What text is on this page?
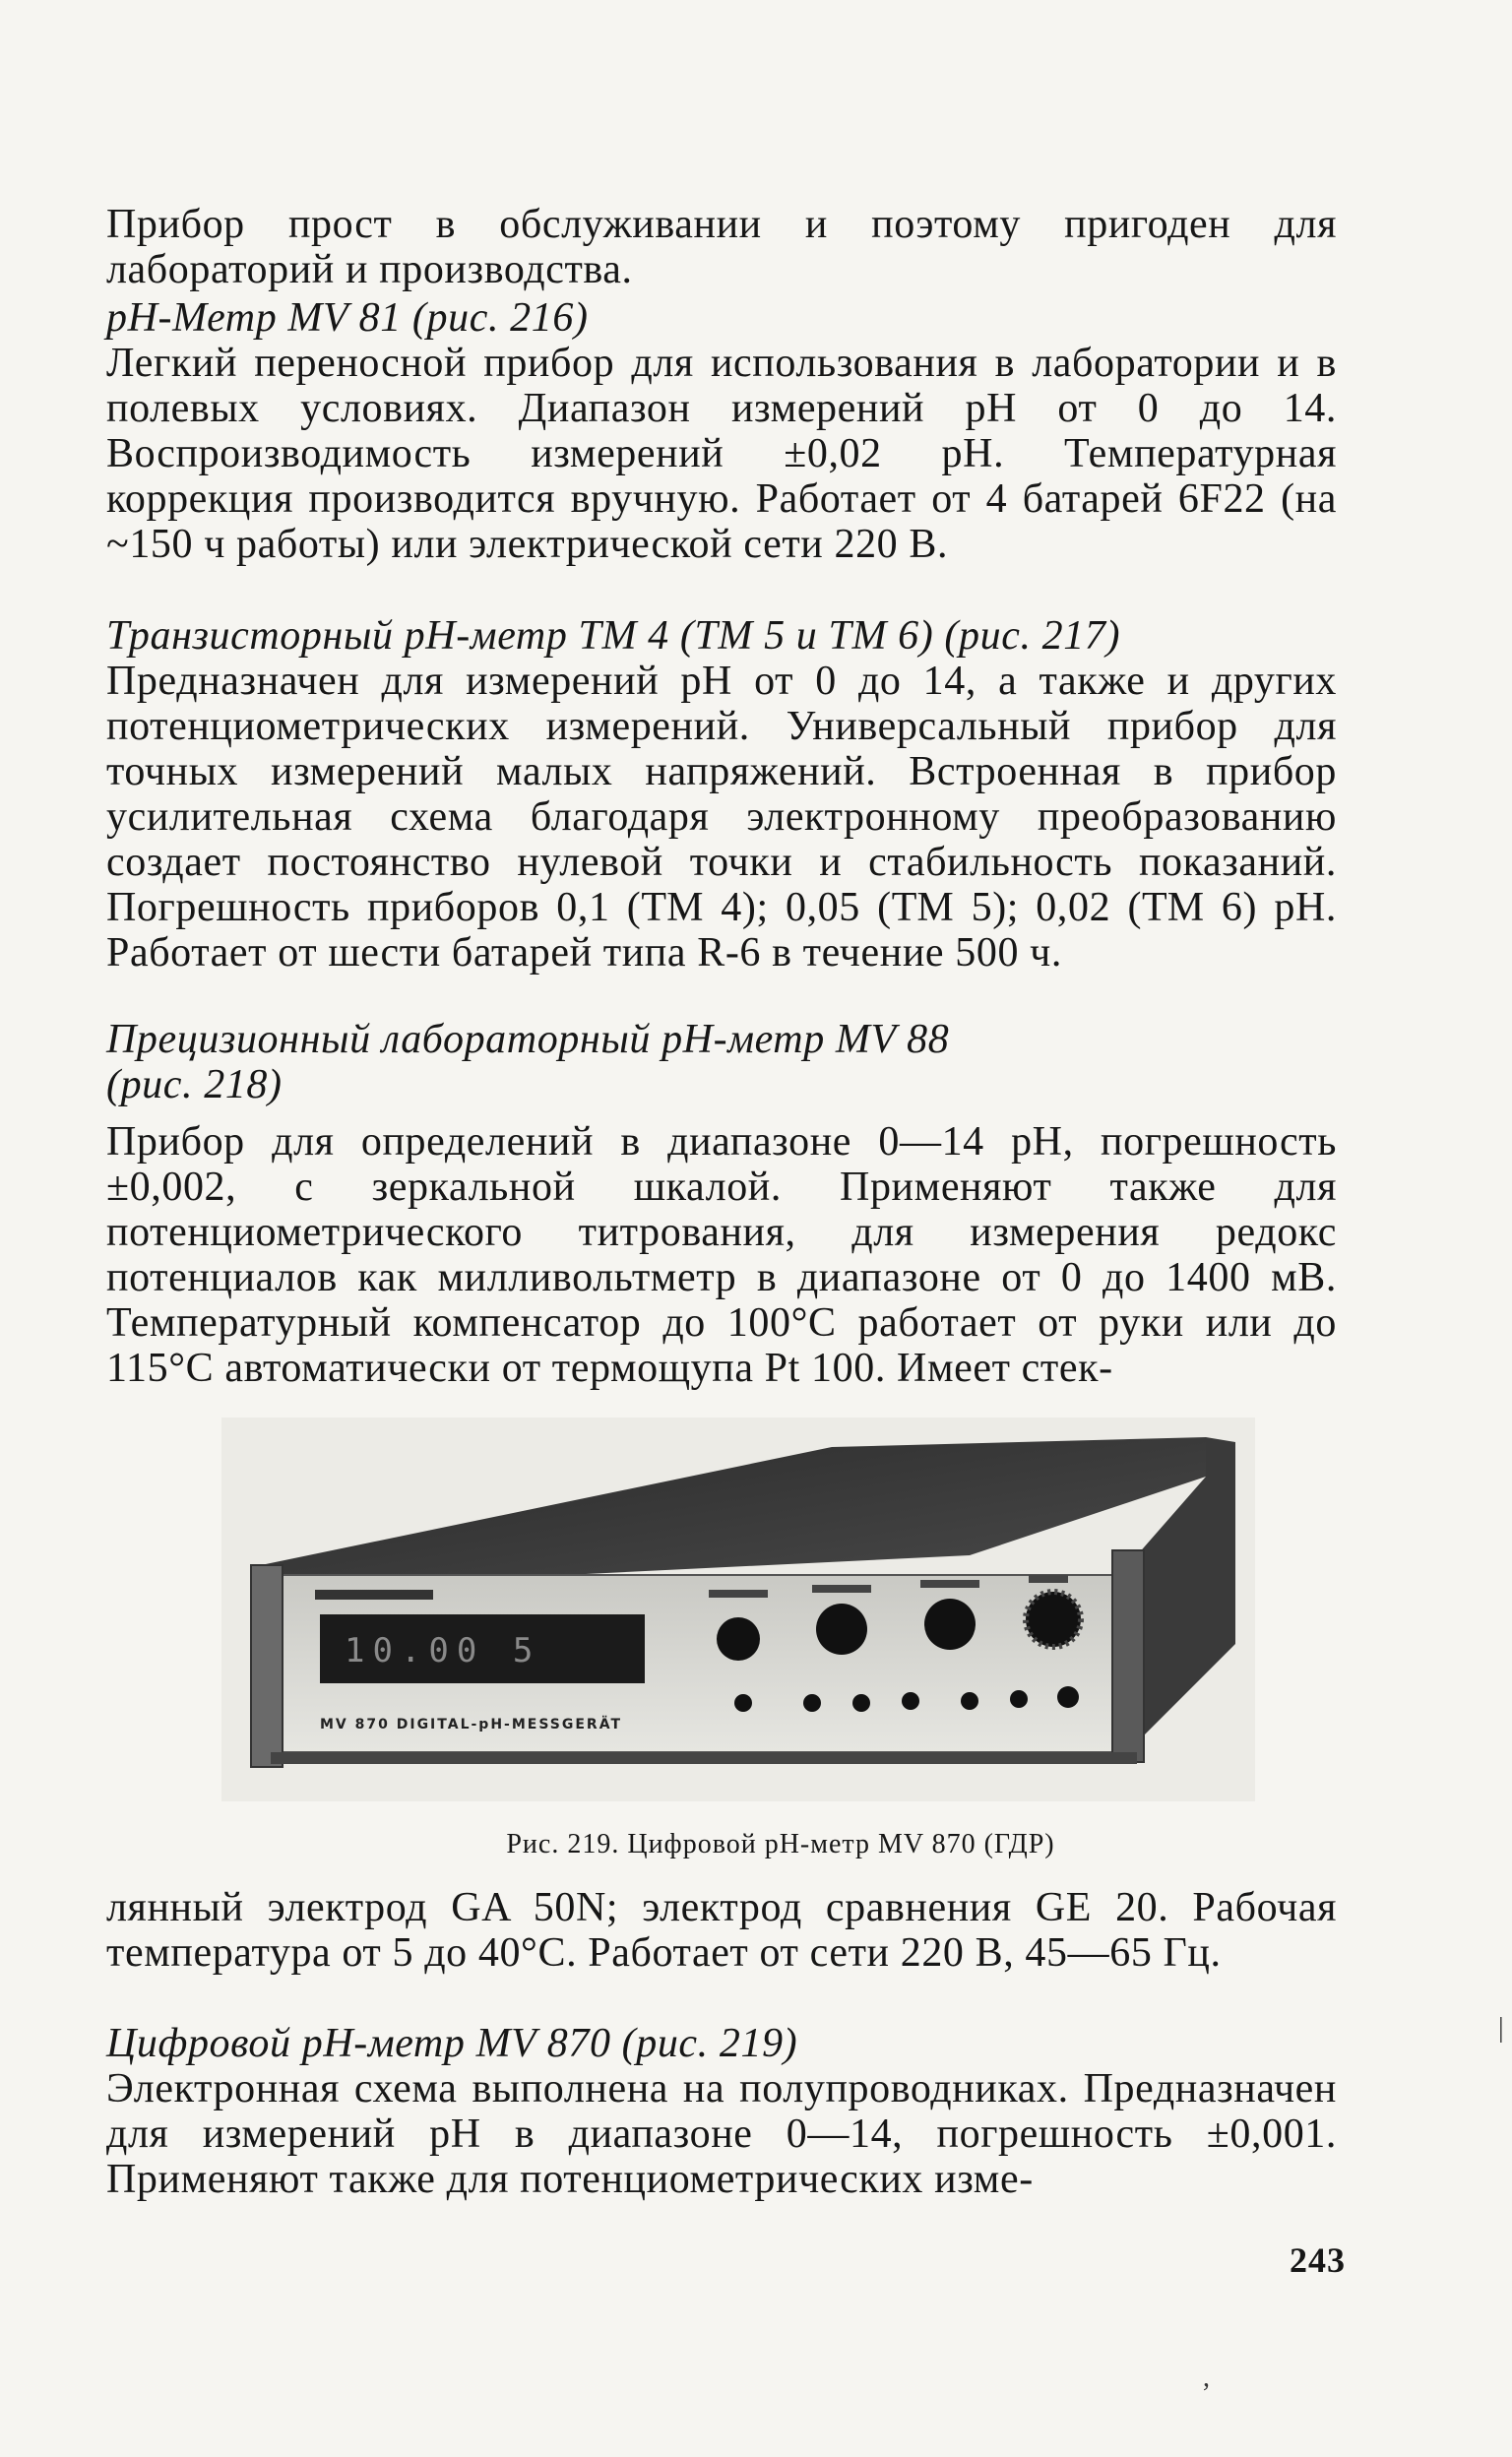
Прибор прост в обслуживании и поэтому пригоден для лабораторий и производства.

pH-Метр MV 81 (рис. 216)

Легкий переносной прибор для использования в лаборатории и в полевых условиях. Диапазон измерений pH от 0 до 14. Воспроизводимость измерений ±0,02 pH. Температурная коррекция производится вручную. Работает от 4 батарей 6F22 (на ~150 ч работы) или электрической сети 220 В.

Транзисторный pH-метр ТМ 4 (ТМ 5 и ТМ 6) (рис. 217)

Предназначен для измерений pH от 0 до 14, а также и других потенциометрических измерений. Универсальный прибор для точных измерений малых напряжений. Встроенная в прибор усилительная схема благодаря электронному преобразованию создает постоянство нулевой точки и стабильность показаний. Погрешность приборов 0,1 (ТМ 4); 0,05 (ТМ 5); 0,02 (ТМ 6) pH. Работает от шести батарей типа R-6 в течение 500 ч.

Прецизионный лабораторный pH-метр MV 88

(рис. 218)

Прибор для определений в диапазоне 0—14 pH, погрешность ±0,002, с зеркальной шкалой. Применяют также для потенциометрического титрования, для измерения редокс потенциалов как милливольтметр в диапазоне от 0 до 1400 мВ. Температурный компенсатор до 100°С работает от руки или до 115°С автоматически от термощупа Pt 100. Имеет стек-

10.00 5
MV 870 DIGITAL-pH-MESSGERÄT
Рис. 219. Цифровой pH-метр MV 870 (ГДР)

лянный электрод GA 50N; электрод сравнения GE 20. Рабочая температура от 5 до 40°С. Работает от сети 220 В, 45—65 Гц.

Цифровой pH-метр MV 870 (рис. 219)

Электронная схема выполнена на полупроводниках. Предназначен для измерений pH в диапазоне 0—14, погрешность ±0,001. Применяют также для потенциометрических изме-

243
|
,
